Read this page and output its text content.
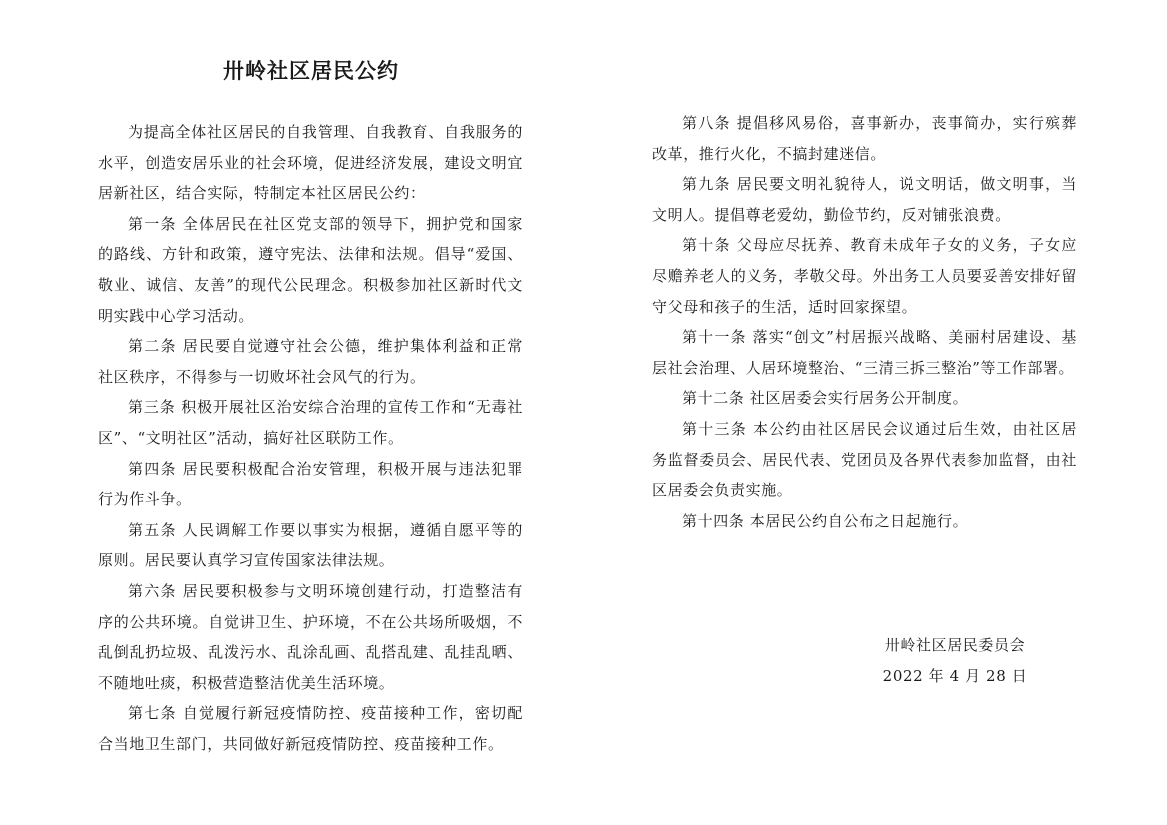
卅岭社区居民公约

为提高全体社区居民的自我管理、自我教育、自我服务的水平，创造安居乐业的社会环境，促进经济发展，建设文明宜居新社区，结合实际，特制定本社区居民公约：

第一条 全体居民在社区党支部的领导下，拥护党和国家的路线、方针和政策，遵守宪法、法律和法规。倡导“爱国、敬业、诚信、友善”的现代公民理念。积极参加社区新时代文明实践中心学习活动。

第二条 居民要自觉遵守社会公德，维护集体利益和正常社区秩序，不得参与一切败坏社会风气的行为。

第三条 积极开展社区治安综合治理的宣传工作和“无毒社区”、“文明社区”活动，搞好社区联防工作。

第四条 居民要积极配合治安管理，积极开展与违法犯罪行为作斗争。

第五条 人民调解工作要以事实为根据，遵循自愿平等的原则。居民要认真学习宣传国家法律法规。

第六条 居民要积极参与文明环境创建行动，打造整洁有序的公共环境。自觉讲卫生、护环境，不在公共场所吸烟，不乱倒乱扔垃圾、乱泼污水、乱涂乱画、乱搭乱建、乱挂乱晒、不随地吐痰，积极营造整洁优美生活环境。

第七条 自觉履行新冠疫情防控、疫苗接种工作，密切配合当地卫生部门，共同做好新冠疫情防控、疫苗接种工作。

第八条 提倡移风易俗，喜事新办，丧事简办，实行殡葬改革，推行火化，不搞封建迷信。

第九条 居民要文明礼貌待人，说文明话，做文明事，当文明人。提倡尊老爱幼，勤俭节约，反对铺张浪费。

第十条 父母应尽抚养、教育未成年子女的义务，子女应尽赡养老人的义务，孝敬父母。外出务工人员要妥善安排好留守父母和孩子的生活，适时回家探望。

第十一条 落实“创文”村居振兴战略、美丽村居建设、基层社会治理、人居环境整治、“三清三拆三整治”等工作部署。

第十二条 社区居委会实行居务公开制度。

第十三条 本公约由社区居民会议通过后生效，由社区居务监督委员会、居民代表、党团员及各界代表参加监督，由社区居委会负责实施。

第十四条 本居民公约自公布之日起施行。

卅岭社区居民委员会
2022 年 4 月 28 日
